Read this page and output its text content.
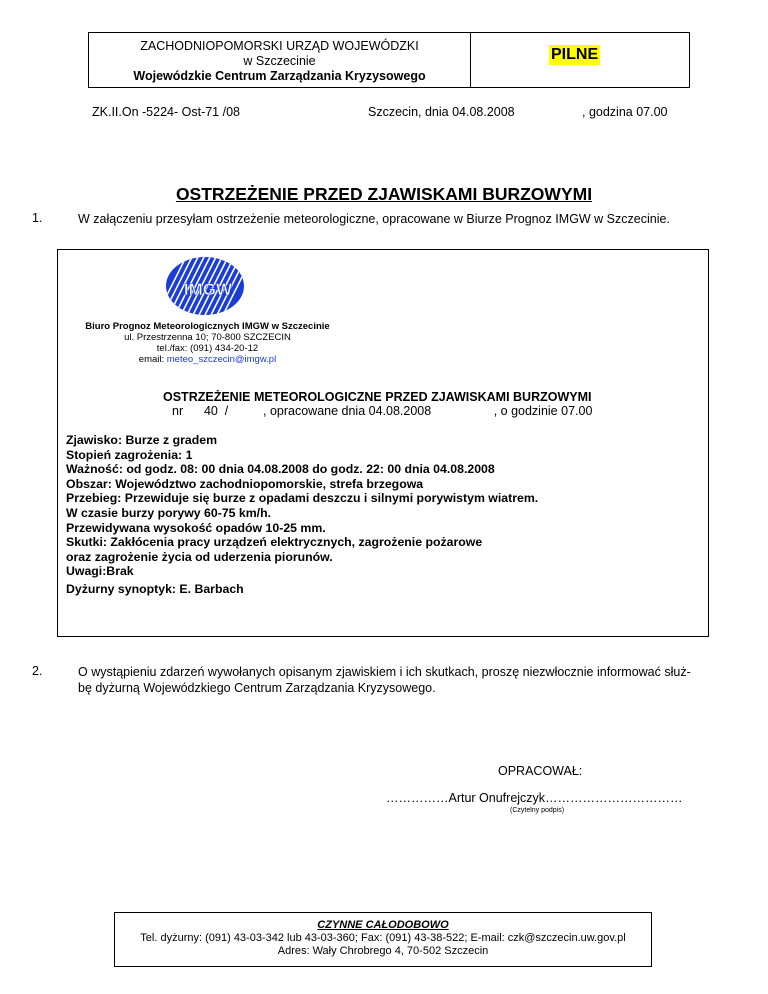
ZACHODNIOPOMORSKI URZĄD WOJEWÓDZKI
w Szczecinie
Wojewódzkie Centrum Zarządzania Kryzysowego
PILNE
ZK.II.On -5224- Ost-71 /08	Szczecin, dnia 04.08.2008	, godzina 07.00
OSTRZEŻENIE PRZED ZJAWISKAMI BURZOWYMI
1.	W załączeniu przesyłam ostrzeżenie meteorologiczne, opracowane w Biurze Prognoz IMGW w Szczecinie.
IMGW
Biuro Prognoz Meteorologicznych IMGW w Szczecinie
ul. Przestrzenna 10; 70-800 SZCZECIN
tel./fax: (091) 434-20-12
email: meteo_szczecin@imgw.pl
OSTRZEŻENIE METEOROLOGICZNE PRZED ZJAWISKAMI BURZOWYMI
nr      40  /          , opracowane dnia 04.08.2008                  , o godzinie 07.00
Zjawisko: Burze z gradem
Stopień zagrożenia: 1
Ważność: od godz. 08: 00 dnia 04.08.2008 do godz. 22: 00 dnia 04.08.2008
Obszar: Województwo zachodniopomorskie, strefa brzegowa
Przebieg: Przewiduje się burze z opadami deszczu i silnymi porywistym wiatrem.
W czasie burzy porywy 60-75 km/h.
Przewidywana wysokość opadów 10-25 mm.
Skutki: Zakłócenia pracy urządzeń elektrycznych, zagrożenie pożarowe
oraz zagrożenie życia od uderzenia piorunów.
Uwagi:Brak
Dyżurny synoptyk: E. Barbach
2.	O wystąpieniu zdarzeń wywołanych opisanym zjawiskiem i ich skutkach, proszę niezwłocznie informować służ-
bę dyżurną Wojewódzkiego Centrum Zarządzania Kryzysowego.
OPRACOWAŁ:
……………Artur Onufrejczyk……………………………
(Czytelny podpis)
CZYNNE CAŁODOBOWO
Tel. dyżurny: (091) 43-03-342 lub 43-03-360; Fax: (091) 43-38-522; E-mail: czk@szczecin.uw.gov.pl
Adres: Wały Chrobrego 4, 70-502 Szczecin
